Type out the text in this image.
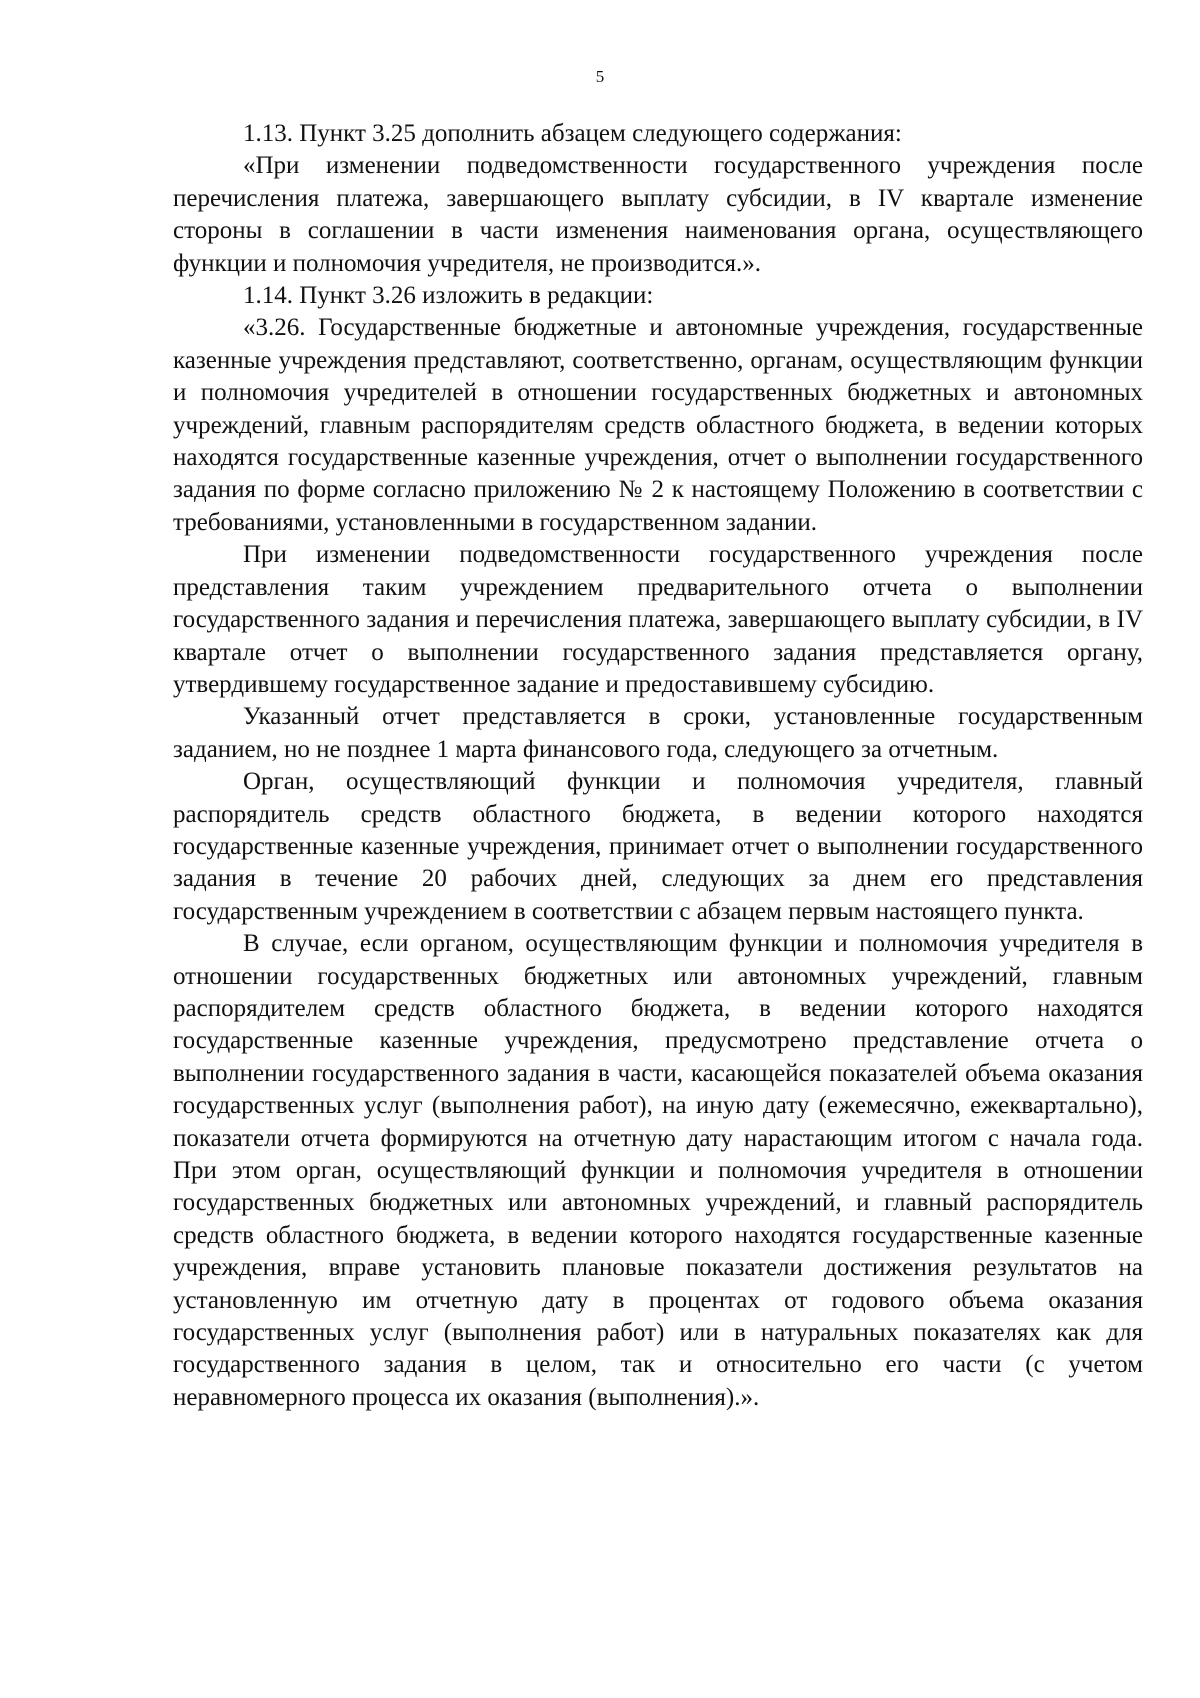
5

1.13. Пункт 3.25 дополнить абзацем следующего содержания:

«При изменении подведомственности государственного учреждения после перечисления платежа, завершающего выплату субсидии, в IV квартале изменение стороны в соглашении в части изменения наименования органа, осуществляющего функции и полномочия учредителя, не производится.».

1.14. Пункт 3.26 изложить в редакции:

«3.26. Государственные бюджетные и автономные учреждения, государственные казенные учреждения представляют, соответственно, органам, осуществляющим функции и полномочия учредителей в отношении государственных бюджетных и автономных учреждений, главным распорядителям средств областного бюджета, в ведении которых находятся государственные казенные учреждения, отчет о выполнении государственного задания по форме согласно приложению № 2 к настоящему Положению в соответствии с требованиями, установленными в государственном задании.

При изменении подведомственности государственного учреждения после представления таким учреждением предварительного отчета о выполнении государственного задания и перечисления платежа, завершающего выплату субсидии, в IV квартале отчет о выполнении государственного задания представляется органу, утвердившему государственное задание и предоставившему субсидию.

Указанный отчет представляется в сроки, установленные государственным заданием, но не позднее 1 марта финансового года, следующего за отчетным.

Орган, осуществляющий функции и полномочия учредителя, главный распорядитель средств областного бюджета, в ведении которого находятся государственные казенные учреждения, принимает отчет о выполнении государственного задания в течение 20 рабочих дней, следующих за днем его представления государственным учреждением в соответствии с абзацем первым настоящего пункта.

В случае, если органом, осуществляющим функции и полномочия учредителя в отношении государственных бюджетных или автономных учреждений, главным распорядителем средств областного бюджета, в ведении которого находятся государственные казенные учреждения, предусмотрено представление отчета о выполнении государственного задания в части, касающейся показателей объема оказания государственных услуг (выполнения работ), на иную дату (ежемесячно, ежеквартально), показатели отчета формируются на отчетную дату нарастающим итогом с начала года. При этом орган, осуществляющий функции и полномочия учредителя в отношении государственных бюджетных или автономных учреждений, и главный распорядитель средств областного бюджета, в ведении которого находятся государственные казенные учреждения, вправе установить плановые показатели достижения результатов на установленную им отчетную дату в процентах от годового объема оказания государственных услуг (выполнения работ) или в натуральных показателях как для государственного задания в целом, так и относительно его части (с учетом неравномерного процесса их оказания (выполнения).».
